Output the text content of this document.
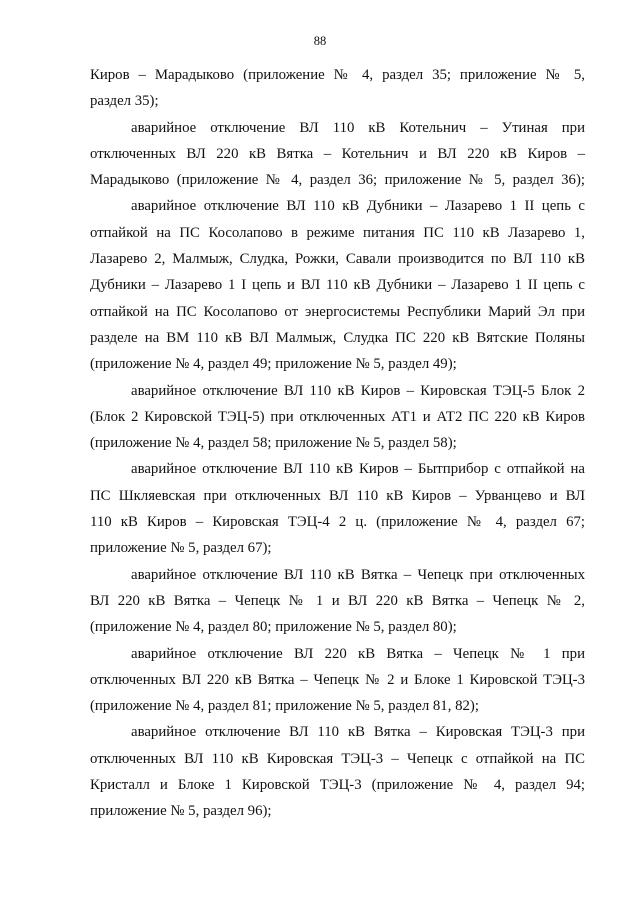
88
Киров – Марадыково (приложение № 4, раздел 35; приложение № 5,
раздел 35);
аварийное отключение ВЛ 110 кВ Котельнич – Утиная при
отключенных ВЛ 220 кВ Вятка – Котельнич и ВЛ 220 кВ Киров –
Марадыково (приложение № 4, раздел 36; приложение № 5, раздел 36);
аварийное отключение ВЛ 110 кВ Дубники – Лазарево 1 II цепь с
отпайкой на ПС Косолапово в режиме питания ПС 110 кВ Лазарево 1,
Лазарево 2, Малмыж, Слудка, Рожки, Савали производится по ВЛ 110 кВ
Дубники – Лазарево 1 I цепь и ВЛ 110 кВ Дубники – Лазарево 1 II цепь с
отпайкой на ПС Косолапово от энергосистемы Республики Марий Эл при
разделе на ВМ 110 кВ ВЛ Малмыж, Слудка ПС 220 кВ Вятские Поляны
(приложение № 4, раздел 49; приложение № 5, раздел 49);
аварийное отключение ВЛ 110 кВ Киров – Кировская ТЭЦ-5 Блок 2
(Блок 2 Кировской ТЭЦ-5) при отключенных АТ1 и АТ2 ПС 220 кВ Киров
(приложение № 4, раздел 58; приложение № 5, раздел 58);
аварийное отключение ВЛ 110 кВ Киров – Бытприбор с отпайкой на
ПС Шкляевская при отключенных ВЛ 110 кВ Киров – Урванцево и ВЛ
110 кВ Киров – Кировская ТЭЦ-4 2 ц. (приложение № 4, раздел 67;
приложение № 5, раздел 67);
аварийное отключение ВЛ 110 кВ Вятка – Чепецк при отключенных
ВЛ 220 кВ Вятка – Чепецк № 1 и ВЛ 220 кВ Вятка – Чепецк № 2,
(приложение № 4, раздел 80; приложение № 5, раздел 80);
аварийное отключение ВЛ 220 кВ Вятка – Чепецк № 1 при
отключенных ВЛ 220 кВ Вятка – Чепецк № 2 и Блоке 1 Кировской ТЭЦ-3
(приложение № 4, раздел 81; приложение № 5, раздел 81, 82);
аварийное отключение ВЛ 110 кВ Вятка – Кировская ТЭЦ-3 при
отключенных ВЛ 110 кВ Кировская ТЭЦ-3 – Чепецк с отпайкой на ПС
Кристалл и Блоке 1 Кировской ТЭЦ-3 (приложение № 4, раздел 94;
приложение № 5, раздел 96);
